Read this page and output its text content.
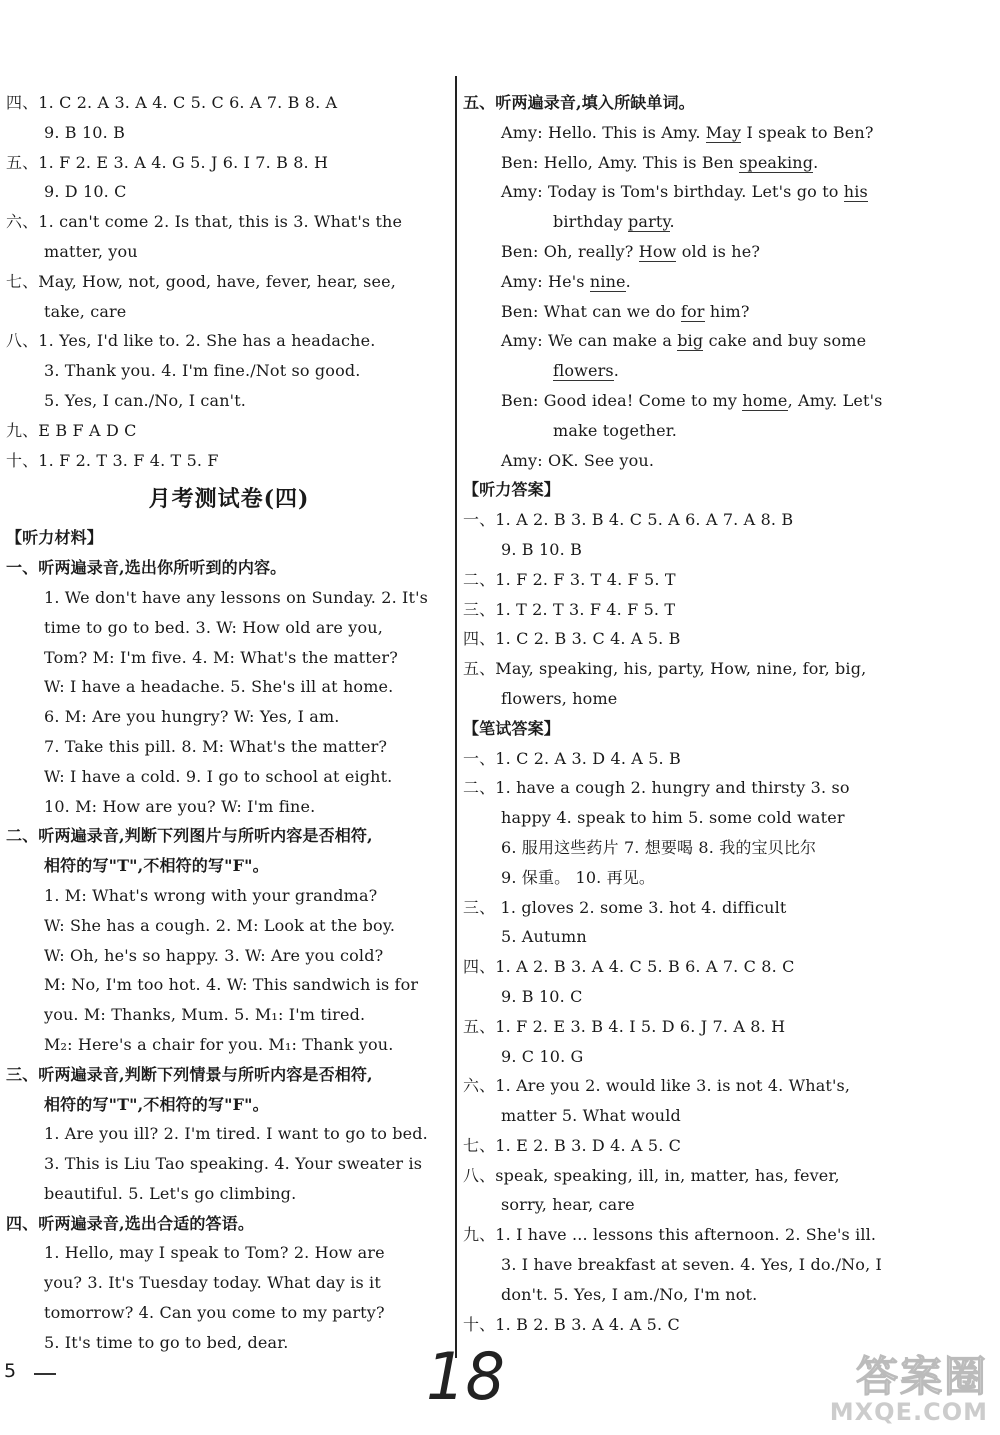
四、1. C 2. A 3. A 4. C 5. C 6. A 7. B 8. A
9. B 10. B
五、1. F 2. E 3. A 4. G 5. J 6. I 7. B 8. H
9. D 10. C
六、1. can't come 2. Is that, this is 3. What's the
matter, you
七、May, How, not, good, have, fever, hear, see,
take, care
八、1. Yes, I'd like to. 2. She has a headache.
3. Thank you. 4. I'm fine./Not so good.
5. Yes, I can./No, I can't.
九、E B F A D C
十、1. F 2. T 3. F 4. T 5. F
月考测试卷(四)
【听力材料】
一、听两遍录音,选出你所听到的内容。
1. We don't have any lessons on Sunday. 2. It's
time to go to bed. 3. W: How old are you,
Tom? M: I'm five. 4. M: What's the matter?
W: I have a headache. 5. She's ill at home.
6. M: Are you hungry? W: Yes, I am.
7. Take this pill. 8. M: What's the matter?
W: I have a cold. 9. I go to school at eight.
10. M: How are you? W: I'm fine.
二、听两遍录音,判断下列图片与所听内容是否相符,
相符的写"T",不相符的写"F"。
1. M: What's wrong with your grandma?
W: She has a cough. 2. M: Look at the boy.
W: Oh, he's so happy. 3. W: Are you cold?
M: No, I'm too hot. 4. W: This sandwich is for
you. M: Thanks, Mum. 5. M₁: I'm tired.
M₂: Here's a chair for you. M₁: Thank you.
三、听两遍录音,判断下列情景与所听内容是否相符,
相符的写"T",不相符的写"F"。
1. Are you ill? 2. I'm tired. I want to go to bed.
3. This is Liu Tao speaking. 4. Your sweater is
beautiful. 5. Let's go climbing.
四、听两遍录音,选出合适的答语。
1. Hello, may I speak to Tom? 2. How are
you? 3. It's Tuesday today. What day is it
tomorrow? 4. Can you come to my party?
5. It's time to go to bed, dear.
五、听两遍录音,填入所缺单词。
Amy: Hello. This is Amy. May I speak to Ben?
Ben: Hello, Amy. This is Ben speaking.
Amy: Today is Tom's birthday. Let's go to his
birthday party.
Ben: Oh, really? How old is he?
Amy: He's nine.
Ben: What can we do for him?
Amy: We can make a big cake and buy some
flowers.
Ben: Good idea! Come to my home, Amy. Let's
make together.
Amy: OK. See you.
【听力答案】
一、1. A 2. B 3. B 4. C 5. A 6. A 7. A 8. B
9. B 10. B
二、1. F 2. F 3. T 4. F 5. T
三、1. T 2. T 3. F 4. F 5. T
四、1. C 2. B 3. C 4. A 5. B
五、May, speaking, his, party, How, nine, for, big,
flowers, home
【笔试答案】
一、1. C 2. A 3. D 4. A 5. B
二、1. have a cough 2. hungry and thirsty 3. so
happy 4. speak to him 5. some cold water
6. 服用这些药片 7. 想要喝 8. 我的宝贝比尔
9. 保重。 10. 再见。
三、 1. gloves 2. some 3. hot 4. difficult
5. Autumn
四、1. A 2. B 3. A 4. C 5. B 6. A 7. C 8. C
9. B 10. C
五、1. F 2. E 3. B 4. I 5. D 6. J 7. A 8. H
9. C 10. G
六、1. Are you 2. would like 3. is not 4. What's,
matter 5. What would
七、1. E 2. B 3. D 4. A 5. C
八、speak, speaking, ill, in, matter, has, fever,
sorry, hear, care
九、1. I have ... lessons this afternoon. 2. She's ill.
3. I have breakfast at seven. 4. Yes, I do./No, I
don't. 5. Yes, I am./No, I'm not.
十、1. B 2. B 3. A 4. A 5. C
5	18	答案圈
MXQE.COM
